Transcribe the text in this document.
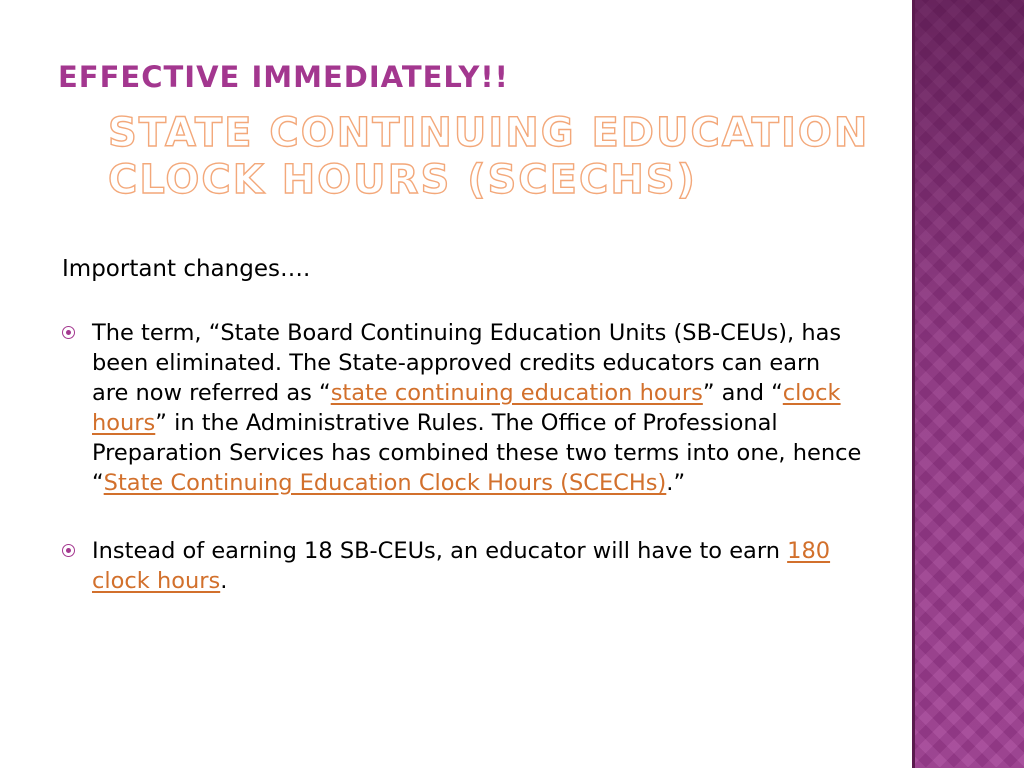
EFFECTIVE IMMEDIATELY!!
STATE CONTINUING EDUCATION
CLOCK HOURS (SCECHS)

Important changes….

The term, “State Board Continuing Education Units (SB-CEUs), has been eliminated. The State-approved credits educators can earn are now referred as “state continuing education hours” and “clock hours” in the Administrative Rules. The Office of Professional Preparation Services has combined these two terms into one, hence “State Continuing Education Clock Hours (SCECHs).”
Instead of earning 18 SB-CEUs, an educator will have to earn 180 clock hours.
